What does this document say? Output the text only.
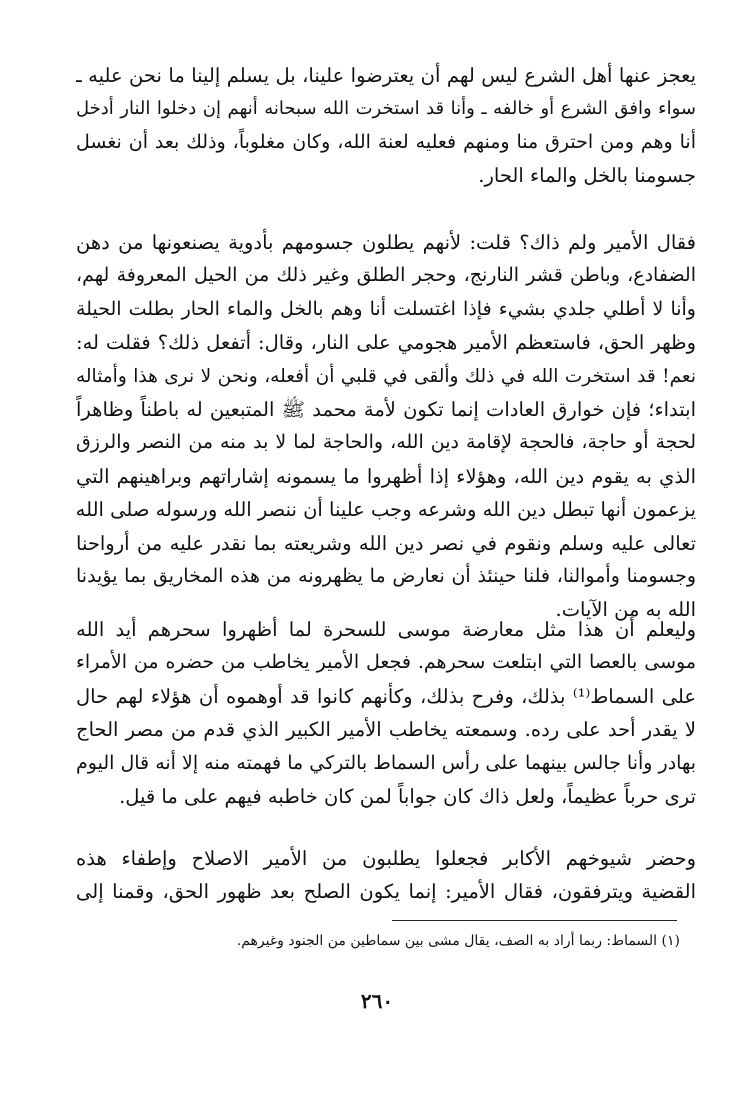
يعجز عنها أهل الشرع ليس لهم أن يعترضوا علينا، بل يسلم إلينا ما نحن عليه ـ
سواء وافق الشرع أو خالفه ـ وأنا قد استخرت الله سبحانه أنهم إن دخلوا النار أدخل
أنا وهم ومن احترق منا ومنهم فعليه لعنة الله، وكان مغلوباً، وذلك بعد أن نغسل
جسومنا بالخل والماء الحار.
فقال الأمير ولم ذاك؟ قلت: لأنهم يطلون جسومهم بأدوية يصنعونها من دهن
الضفادع، وباطن قشر النارنج، وحجر الطلق وغير ذلك من الحيل المعروفة لهم،
وأنا لا أطلي جلدي بشيء فإذا اغتسلت أنا وهم بالخل والماء الحار بطلت الحيلة
وظهر الحق، فاستعظم الأمير هجومي على النار، وقال: أتفعل ذلك؟ فقلت له:
نعم! قد استخرت الله في ذلك وألقى في قلبي أن أفعله، ونحن لا نرى هذا وأمثاله
ابتداء؛ فإن خوارق العادات إنما تكون لأمة محمد ﷺ المتبعين له باطناً وظاهراً
لحجة أو حاجة، فالحجة لإقامة دين الله، والحاجة لما لا بد منه من النصر والرزق
الذي به يقوم دين الله، وهؤلاء إذا أظهروا ما يسمونه إشاراتهم وبراهينهم التي
يزعمون أنها تبطل دين الله وشرعه وجب علينا أن ننصر الله ورسوله صلى الله
تعالى عليه وسلم ونقوم في نصر دين الله وشريعته بما نقدر عليه من أرواحنا
وجسومنا وأموالنا، فلنا حينئذ أن نعارض ما يظهرونه من هذه المخاريق بما يؤيدنا
الله به من الآيات.
وليعلم أن هذا مثل معارضة موسى للسحرة لما أظهروا سحرهم أيد الله
موسى بالعصا التي ابتلعت سحرهم. فجعل الأمير يخاطب من حضره من الأمراء
على السماط⁽¹⁾ بذلك، وفرح بذلك، وكأنهم كانوا قد أوهموه أن هؤلاء لهم حال
لا يقدر أحد على رده. وسمعته يخاطب الأمير الكبير الذي قدم من مصر الحاج
بهادر وأنا جالس بينهما على رأس السماط بالتركي ما فهمته منه إلا أنه قال اليوم
ترى حرباً عظيماً، ولعل ذاك كان جواباً لمن كان خاطبه فيهم على ما قيل.
وحضر شيوخهم الأكابر فجعلوا يطلبون من الأمير الاصلاح وإطفاء هذه
القضية ويترفقون، فقال الأمير: إنما يكون الصلح بعد ظهور الحق، وقمنا إلى
(١) السماط: ربما أراد به الصف، يقال مشى بين سماطين من الجنود وغيرهم.
٢٦٠
